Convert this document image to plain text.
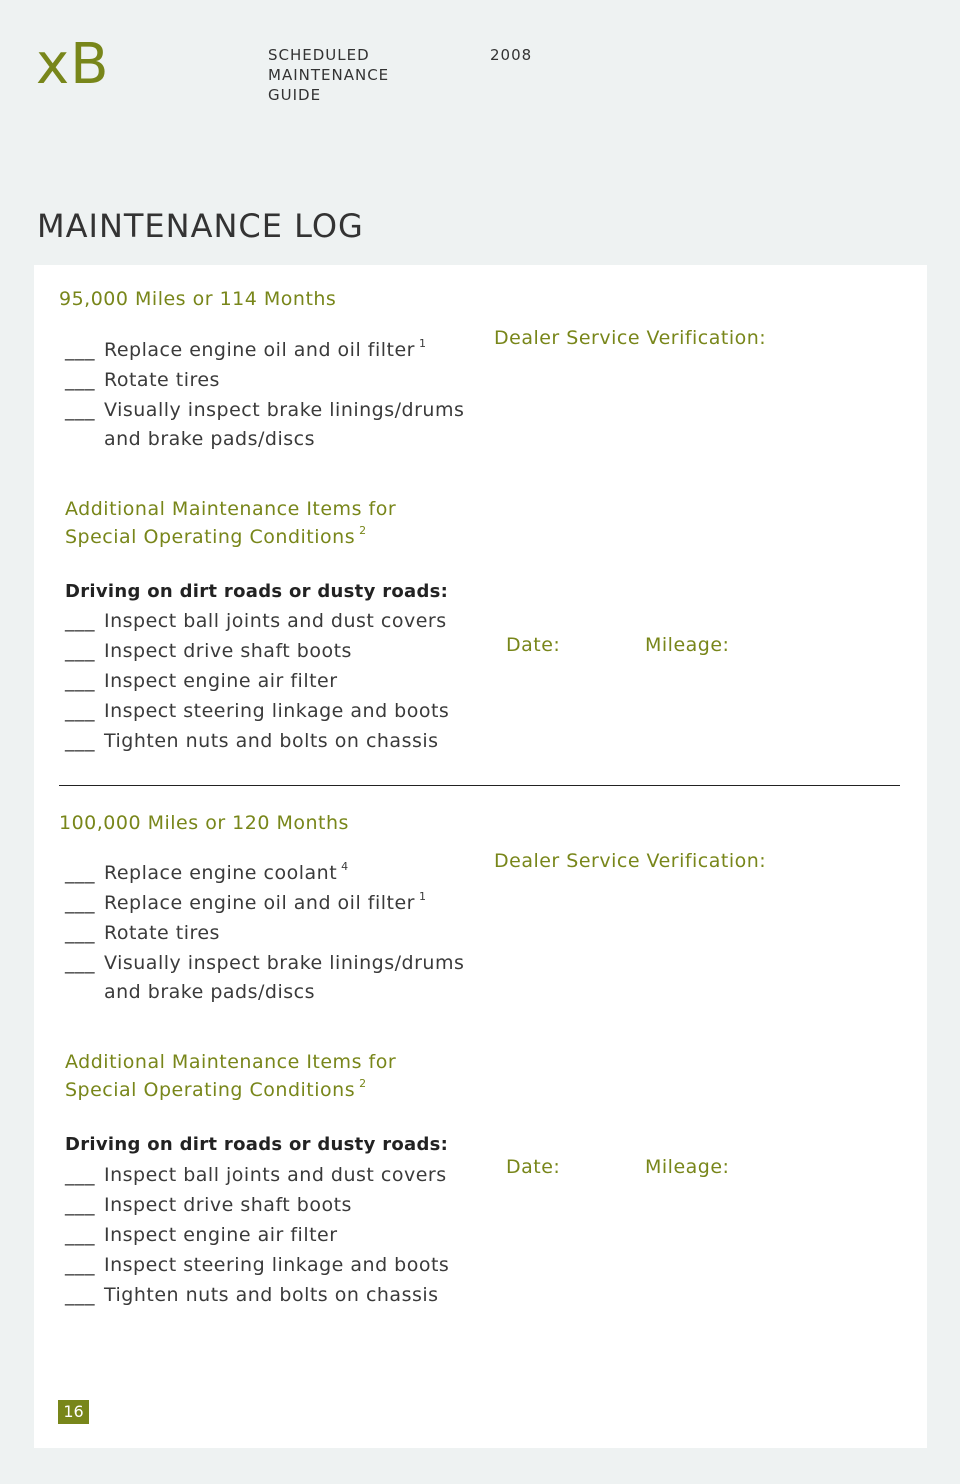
xB	SCHEDULED
MAINTENANCE
GUIDE
2008
MAINTENANCE LOG
95,000 Miles or 114 Months
___ Replace engine oil and oil filter $^1$
___ Rotate tires
___ Visually inspect brake linings/drums
and brake pads/discs
Additional Maintenance Items for
Special Operating Conditions $^2$
Driving on dirt roads or dusty roads:
___ Inspect ball joints and dust covers
___ Inspect drive shaft boots
___ Inspect engine air filter
___ Inspect steering linkage and boots
___ Tighten nuts and bolts on chassis
Dealer Service Verification:
Date:	Mileage:
100,000 Miles or 120 Months
___ Replace engine coolant $^4$
___ Replace engine oil and oil filter $^1$
___ Rotate tires
___ Visually inspect brake linings/drums
and brake pads/discs
Additional Maintenance Items for
Special Operating Conditions $^2$
Driving on dirt roads or dusty roads:
___ Inspect ball joints and dust covers
___ Inspect drive shaft boots
___ Inspect engine air filter
___ Inspect steering linkage and boots
___ Tighten nuts and bolts on chassis
Dealer Service Verification:
Date:	Mileage:
16
